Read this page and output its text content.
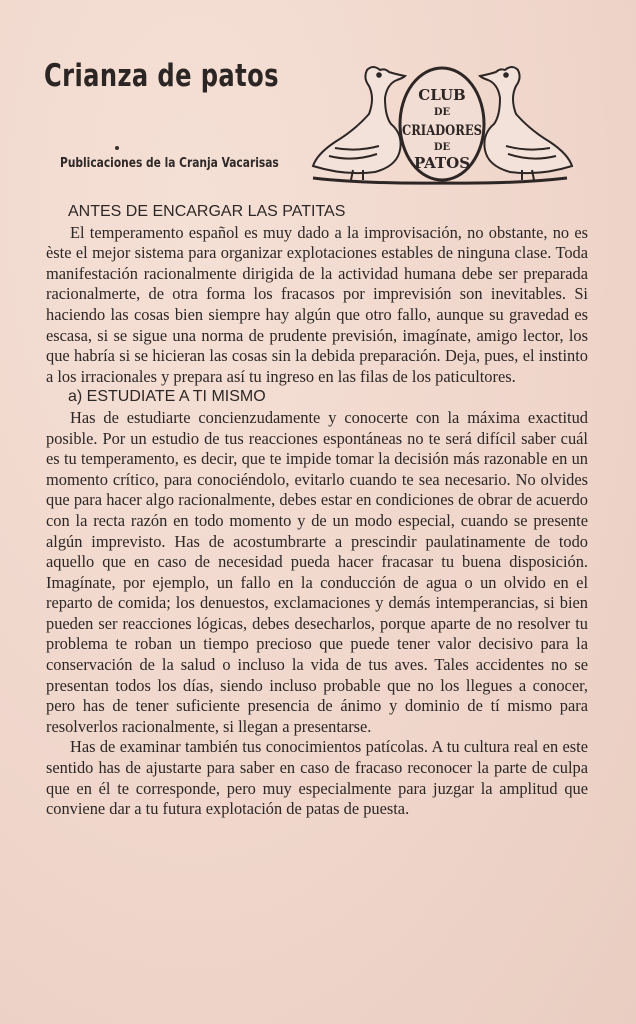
Crianza de patos
Publicaciones de la Cranja Vacarisas
CLUB
DE
CRIADORES
DE
PATOS

ANTES DE ENCARGAR LAS PATITAS

El temperamento español es muy dado a la improvisación, no obstante, no es èste el mejor sistema para organizar explotaciones estables de ninguna clase. Toda manifestación racionalmente dirigida de la actividad humana debe ser preparada racionalmerte, de otra forma los fracasos por imprevisión son inevitables. Si haciendo las cosas bien siempre hay algún que otro fallo, aunque su gravedad es escasa, si se sigue una norma de prudente previsión, imagínate, amigo lector, los que habría si se hicieran las cosas sin la debida preparación. Deja, pues, el instinto a los irracionales y prepara así tu ingreso en las filas de los paticultores.

a) ESTUDIATE A TI MISMO

Has de estudiarte concienzudamente y conocerte con la máxima exactitud posible. Por un estudio de tus reacciones espontáneas no te será difícil saber cuál es tu temperamento, es decir, que te impide tomar la decisión más razonable en un momento crítico, para conociéndolo, evitarlo cuando te sea necesario. No olvides que para hacer algo racionalmente, debes estar en condiciones de obrar de acuerdo con la recta razón en todo momento y de un modo especial, cuando se presente algún imprevisto. Has de acostumbrarte a prescindir paulatinamente de todo aquello que en caso de necesidad pueda hacer fracasar tu buena disposición. Imagínate, por ejemplo, un fallo en la conducción de agua o un olvido en el reparto de comida; los denuestos, exclamaciones y demás intemperancias, si bien pueden ser reacciones lógicas, debes desecharlos, porque aparte de no resolver tu problema te roban un tiempo precioso que puede tener valor decisivo para la conservación de la salud o incluso la vida de tus aves. Tales accidentes no se presentan todos los días, siendo incluso probable que no los llegues a conocer, pero has de tener suficiente presencia de ánimo y dominio de tí mismo para resolverlos racionalmente, si llegan a presentarse.

Has de examinar también tus conocimientos patícolas. A tu cultura real en este sentido has de ajustarte para saber en caso de fracaso reconocer la parte de culpa que en él te corresponde, pero muy especialmente para juzgar la amplitud que conviene dar a tu futura explotación de patas de puesta.
